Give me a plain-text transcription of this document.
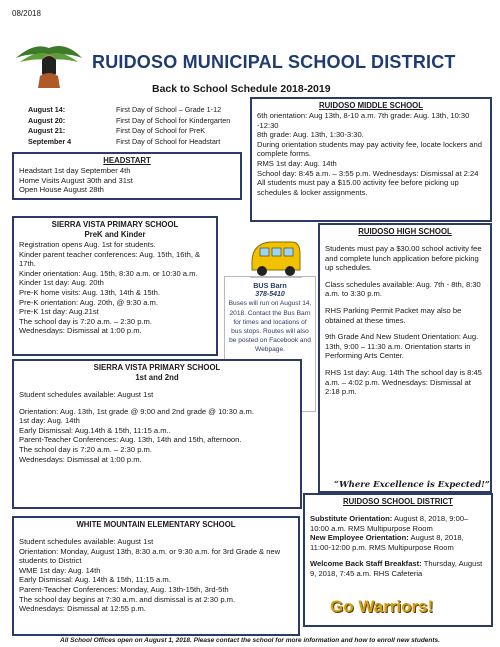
08/2018
RUIDOSO MUNICIPAL SCHOOL DISTRICT
Back to School Schedule 2018-2019
August 14:	First Day of School – Grade 1-12
August 20:	First Day of School for Kindergarten
August 21:	First Day of School for PreK
September 4	First Day of School for Headstart
HEADSTART

Headstart 1st day September 4th

Home Visits August 30th and 31st

Open House August 28th

RUIDOSO MIDDLE SCHOOL

6th orientation: Aug 13th, 8-10 a.m. 7th grade: Aug. 13th, 10:30 -12:30

8th grade: Aug. 13th, 1:30-3:30.

During orientation students may pay activity fee, locate lockers and complete forms.

RMS 1st day: Aug. 14th

School day: 8:45 a.m. – 3:55 p.m. Wednesdays: Dismissal at 2:24

All students must pay a $15.00 activity fee before picking up schedules & locker assignments.

SIERRA VISTA PRIMARY SCHOOL
PreK and Kinder

Registration opens Aug. 1st for students.

Kinder parent teacher conferences: Aug. 15th, 16th, & 17th.

Kinder orientation: Aug. 15th, 8:30 a.m. or 10:30 a.m.

Kinder 1st day: Aug. 20th

Pre-K home visits: Aug. 13th, 14th & 15th.

Pre-K orientation: Aug. 20th, @ 9:30 a.m.

Pre-K 1st day: Aug.21st

The school day is 7:20 a.m. – 2:30 p.m.

Wednesdays: Dismissal at 1:00 p.m.

BUS Barn
378-5410
Buses will run on August 14, 2018. Contact the Bus Barn for times and locations of bus stops. Routes will also be posted on Facebook and Webpage.
RUIDOSO HIGH SCHOOL

Students must pay a $30.00 school activity fee and complete lunch application before picking up schedules.

Class schedules available: Aug. 7th - 8th, 8:30 a.m. to 3:30 p.m.

RHS Parking Permit Packet may also be obtained at these times.

9th Grade And New Student Orientation: Aug. 13th, 9:00 – 11:30 a.m. Orientation starts in Performing Arts Center.

RHS 1st day: Aug. 14th The school day is 8:45 a.m. – 4:02 p.m. Wednesdays: Dismissal at 2:18 p.m.

SIERRA VISTA PRIMARY SCHOOL
1st and 2nd

Student schedules available: August 1st

Orientation: Aug. 13th, 1st grade @ 9:00 and 2nd grade @ 10:30 a.m.

1st day: Aug. 14th

Early Dismissal: Aug.14th & 15th, 11:15 a.m..

Parent-Teacher Conferences: Aug. 13th, 14th and 15th, afternoon.

The school day is 7:20 a.m. – 2:30 p.m.

Wednesdays: Dismissal at 1:00 p.m.

“Where Excellence is Expected!”
WHITE MOUNTAIN ELEMENTARY SCHOOL

Student schedules available: August 1st

Orientation: Monday, August 13th, 8:30 a.m. or 9:30 a.m. for 3rd Grade & new students to District

WME 1st day: Aug. 14th

Early Dismissal: Aug. 14th & 15th, 11:15 a.m.

Parent-Teacher Conferences: Monday, Aug. 13th-15th, 3rd-5th

The school day begins at 7:30 a.m. and dismissal is at 2:30 p.m.

Wednesdays: Dismissal at 12:55 p.m.

RUIDOSO SCHOOL DISTRICT

Substitute Orientation: August 8, 2018, 9:00–10:00 a.m. RMS Multipurpose Room

New Employee Orientation: August 8, 2018, 11:00-12:00 p.m. RMS Multipurpose Room

Welcome Back Staff Breakfast: Thursday, August 9, 2018, 7:45 a.m. RHS Cafeteria

Go Warriors!
All School Offices open on August 1, 2018. Please contact the school for more information and how to enroll new students.
